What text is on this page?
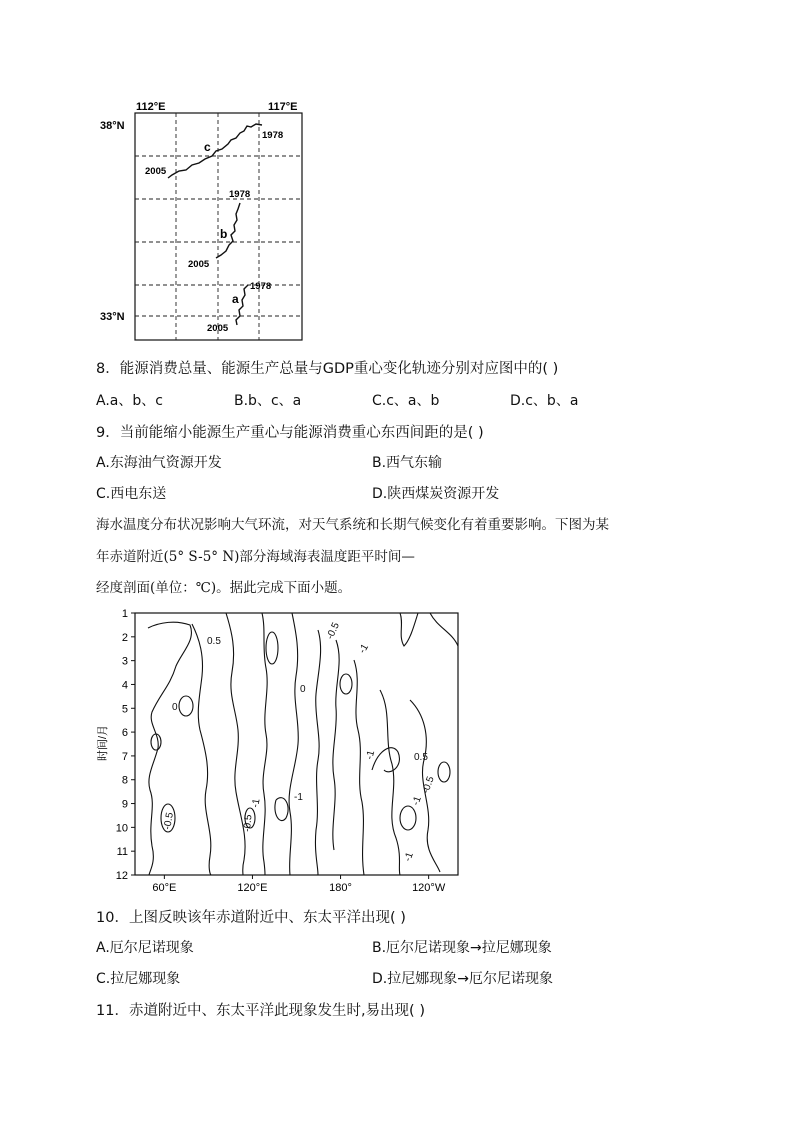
112°E	117°E
38°N
33°N
c
1978
2005
b
1978
2005
a
1978
2005
8．能源消费总量、能源生产总量与GDP重心变化轨迹分别对应图中的( )
A.a、b、c	B.b、c、a	C.c、a、b	D.c、b、a
9．当前能缩小能源生产重心与能源消费重心东西间距的是( )
A.东海油气资源开发	B.西气东输
C.西电东送	D.陕西煤炭资源开发
海水温度分布状况影响大气环流，对天气系统和长期气候变化有着重要影响。下图为某
年赤道附近(5° S-5° N)部分海域海表温度距平时间—
经度剖面(单位：℃)。据此完成下面小题。
1
2
3
4
5
6
7
8
9
10
11
12
60°E	120°E	180°	120°W
时间/月
0.5
-0.5
-0.5
0
0
-1
-1
-1	-1
-0.5
0.5
-0.5
-1
-1
10．上图反映该年赤道附近中、东太平洋出现( )
A.厄尔尼诺现象	B.厄尔尼诺现象→拉尼娜现象
C.拉尼娜现象	D.拉尼娜现象→厄尔尼诺现象
11．赤道附近中、东太平洋此现象发生时,易出现( )
